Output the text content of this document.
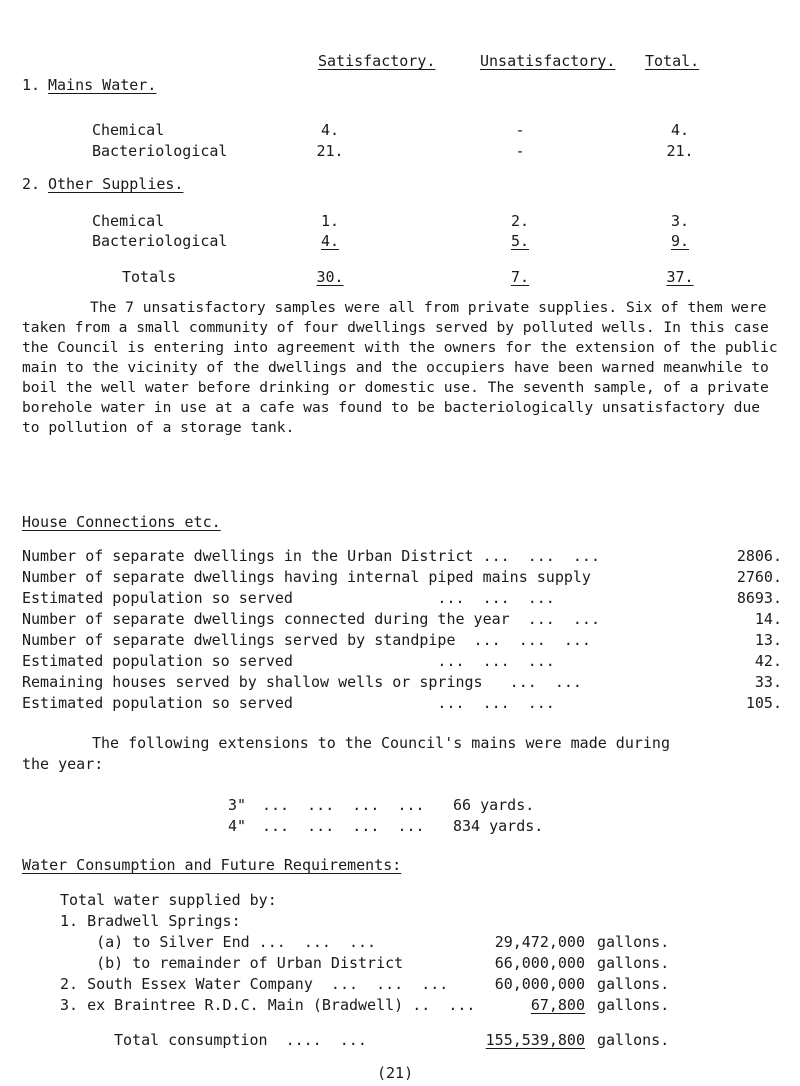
Satisfactory.	Unsatisfactory. Total.
1. Mains Water.
Chemical	4.	-	4.
Bacteriological	21.	-	21.
2. Other Supplies.
Chemical	1.	2.	3.
Bacteriological	4.	5.	9.
Totals	30.	7.	37.
The 7 unsatisfactory samples were all from private supplies. Six of them were taken from a small community of four dwellings served by polluted wells. In this case the Council is entering into agreement with the owners for the extension of the public main to the vicinity of the dwellings and the occupiers have been warned meanwhile to boil the well water before drinking or domestic use. The seventh sample, of a private borehole water in use at a cafe was found to be bacteriologically unsatisfactory due to pollution of a storage tank.
House Connections etc.
Number of separate dwellings in the Urban District ...  ...  ...	2806.
Number of separate dwellings having internal piped mains supply	2760.
Estimated population so served                ...  ...  ...	8693.
Number of separate dwellings connected during the year  ...  ...	14.
Number of separate dwellings served by standpipe  ...  ...  ...	13.
Estimated population so served                ...  ...  ...	42.
Remaining houses served by shallow wells or springs   ...  ...	33.
Estimated population so served                ...  ...  ...	105.
The following extensions to the Council's mains were made during
the year:
3" ...  ...  ...  ... 66 yards.
4" ...  ...  ...  ... 834 yards.
Water Consumption and Future Requirements:
Total water supplied by:
1. Bradwell Springs:
(a) to Silver End ...  ...  ...	29,472,000 gallons.
(b) to remainder of Urban District	66,000,000 gallons.
2. South Essex Water Company  ...  ...  ...	60,000,000 gallons.
3. ex Braintree R.D.C. Main (Bradwell) ..  ...	67,800 gallons.
Total consumption  ....  ...	155,539,800 gallons.
(21)
